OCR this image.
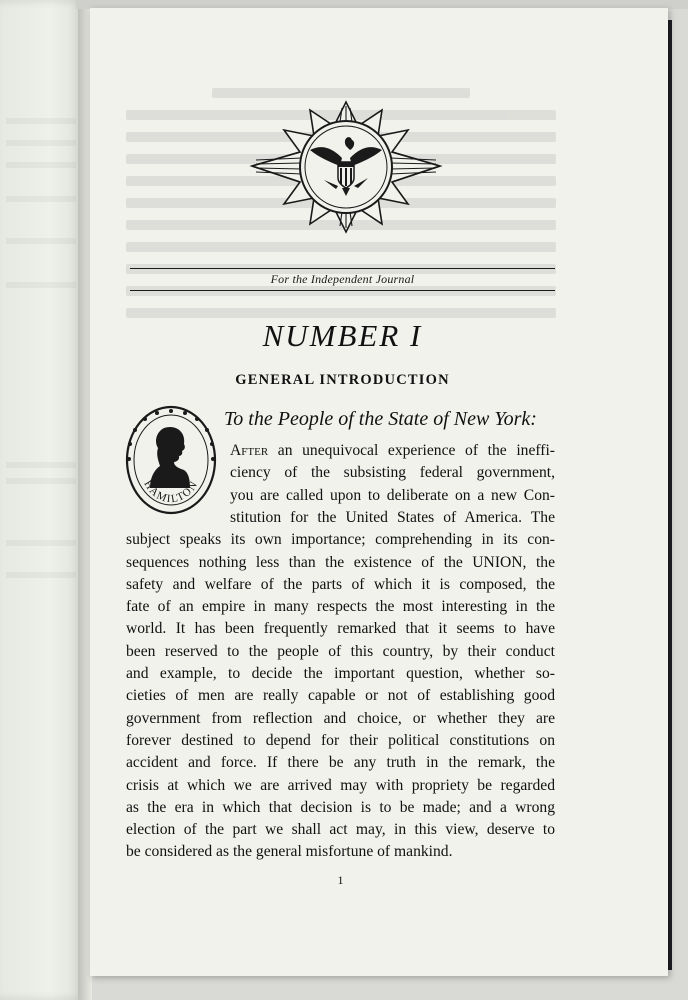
For the Independent Journal
NUMBER I
GENERAL INTRODUCTION
HAMILTON
To the People of the State of New York:
After an unequivocal experience of the ineffi-
ciency of the subsisting federal government,
you are called upon to deliberate on a new Con-
stitution for the United States of America. The
subject speaks its own importance; comprehending in its con-
sequences nothing less than the existence of the UNION, the
safety and welfare of the parts of which it is composed, the
fate of an empire in many respects the most interesting in the
world. It has been frequently remarked that it seems to have
been reserved to the people of this country, by their conduct
and example, to decide the important question, whether so-
cieties of men are really capable or not of establishing good
government from reflection and choice, or whether they are
forever destined to depend for their political constitutions on
accident and force. If there be any truth in the remark, the
crisis at which we are arrived may with propriety be regarded
as the era in which that decision is to be made; and a wrong
election of the part we shall act may, in this view, deserve to
be considered as the general misfortune of mankind.
1
